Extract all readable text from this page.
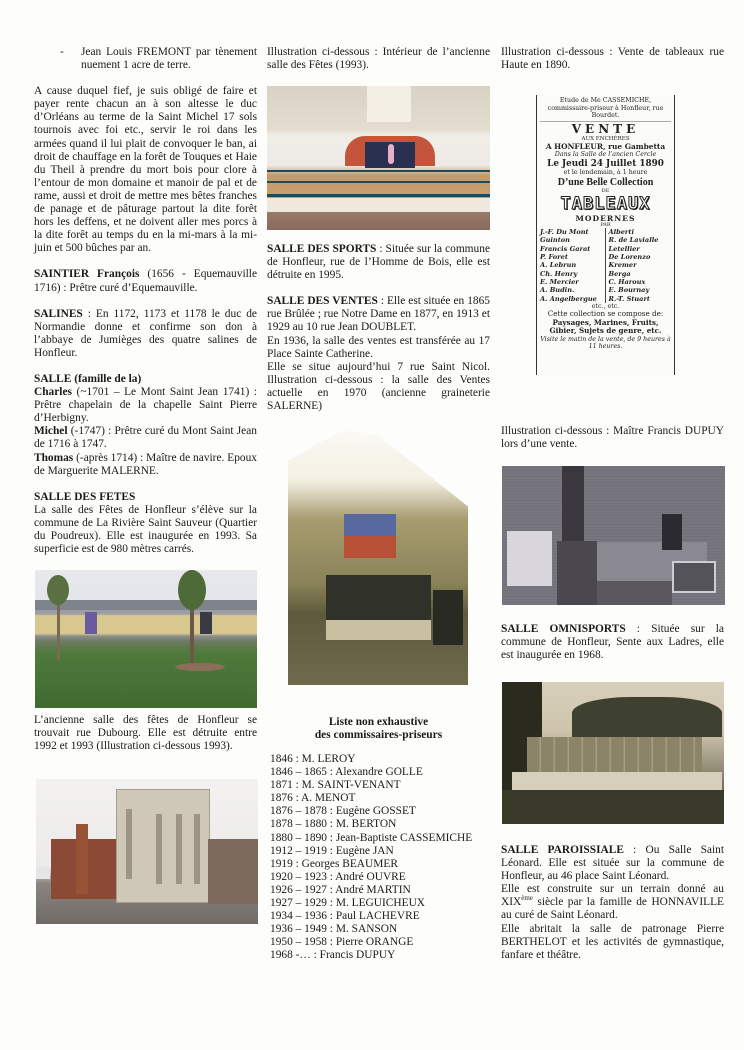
- Jean Louis FREMONT par tènement nuement 1 acre de terre.

A cause duquel fief, je suis obligé de faire et payer rente chacun an à son altesse le duc d’Orléans au terme de la Saint Michel 17 sols tournois avec foi etc., servir le roi dans les armées quand il lui plait de convoquer le ban, ai droit de chauffage en la forêt de Touques et Haie du Theil à prendre du mort bois pour clore à l’entour de mon domaine et manoir de pal et de rame, aussi et droit de mettre mes bêtes franches de panage et de pâturage partout la dite forêt hors les deffens, et ne doivent aller mes porcs à la dite forêt au temps du en la mi-mars à la mi-juin et 500 bûches par an.

SAINTIER François (1656 - Equemauville 1716) : Prêtre curé d’Equemauville.

SALINES : En 1172, 1173 et 1178 le duc de Normandie donne et confirme son don à l’abbaye de Jumièges des quatre salines de Honfleur.

SALLE (famille de la)

Charles (~1701 – Le Mont Saint Jean 1741) : Prêtre chapelain de la chapelle Saint Pierre d’Herbigny.

Michel (-1747) : Prêtre curé du Mont Saint Jean de 1716 à 1747.

Thomas (-après 1714) : Maître de navire. Epoux de Marguerite MALERNE.

SALLE DES FETES

La salle des Fêtes de Honfleur s’élève sur la commune de La Rivière Saint Sauveur (Quartier du Poudreux). Elle est inaugurée en 1993. Sa superficie est de 980 mètres carrés.

L’ancienne salle des fêtes de Honfleur se trouvait rue Dubourg. Elle est détruite entre 1992 et 1993 (Illustration ci-dessous 1993).

Illustration ci-dessous : Intérieur de l’ancienne salle des Fêtes (1993).

SALLE DES SPORTS : Située sur la commune de Honfleur, rue de l’Homme de Bois, elle est détruite en 1995.

SALLE DES VENTES : Elle est située en 1865 rue Brûlée ; rue Notre Dame en 1877, en 1913 et 1929 au 10 rue Jean DOUBLET.

En 1936, la salle des ventes est transférée au 17 Place Sainte Catherine.

Elle se situe aujourd’hui 7 rue Saint Nicol. Illustration ci-dessous : la salle des Ventes actuelle en 1970 (ancienne graineterie SALERNE)

Liste non exhaustive
des commissaires-priseurs
1846 : M. LEROY
1846 – 1865 : Alexandre GOLLE
1871 : M. SAINT-VENANT
1876 : A. MENOT
1876 – 1878 : Eugène GOSSET
1878 – 1880 : M. BERTON
1880 – 1890 : Jean-Baptiste CASSEMICHE
1912 – 1919 : Eugène JAN
1919 : Georges BEAUMER
1920 – 1923 : André OUVRE
1926 – 1927 : André MARTIN
1927 – 1929 : M. LEGUICHEUX
1934 – 1936 : Paul LACHEVRE
1936 – 1949 : M. SANSON
1950 – 1958 : Pierre ORANGE
1968 -… : Francis DUPUY

Illustration ci-dessous : Vente de tableaux rue Haute en 1890.

Etude de Me CASSEMICHE, commissaire-priseur à Honfleur, rue Bourdet.
VENTE
AUX ENCHÈRES
A HONFLEUR, rue Gambetta
Dans la Salle de l’ancien Cercle
Le Jeudi 24 Juillet 1890
et le lendemain, à 1 heure
D’une Belle Collection
DE
TABLEAUX
MODERNES
PAR
J.-F. Du Mont
Guinton
Francis Garat
P. Foret
A. Lebrun
Ch. Henry
E. Mercier
A. Budin.
A. Angelbergue
Alberti
R. de Lavialle
Letellier
De Lorenzo
Kremer
Berga
C. Haroux
E. Bournay
R.-T. Stuart
etc., etc.
Cette collection se compose de:
Paysages, Marines, Fruits, Gibier, Sujets de genre, etc.
Visite le matin de la vente, de 9 heures à 11 heures.

Illustration ci-dessous : Maître Francis DUPUY lors d’une vente.

SALLE OMNISPORTS : Située sur la commune de Honfleur, Sente aux Ladres, elle est inaugurée en 1968.

SALLE PAROISSIALE : Ou Salle Saint Léonard. Elle est située sur la commune de Honfleur, au 46 place Saint Léonard.

Elle est construite sur un terrain donné au XIXème siècle par la famille de HONNAVILLE au curé de Saint Léonard.

Elle abritait la salle de patronage Pierre BERTHELOT et les activités de gymnastique, fanfare et théâtre.
